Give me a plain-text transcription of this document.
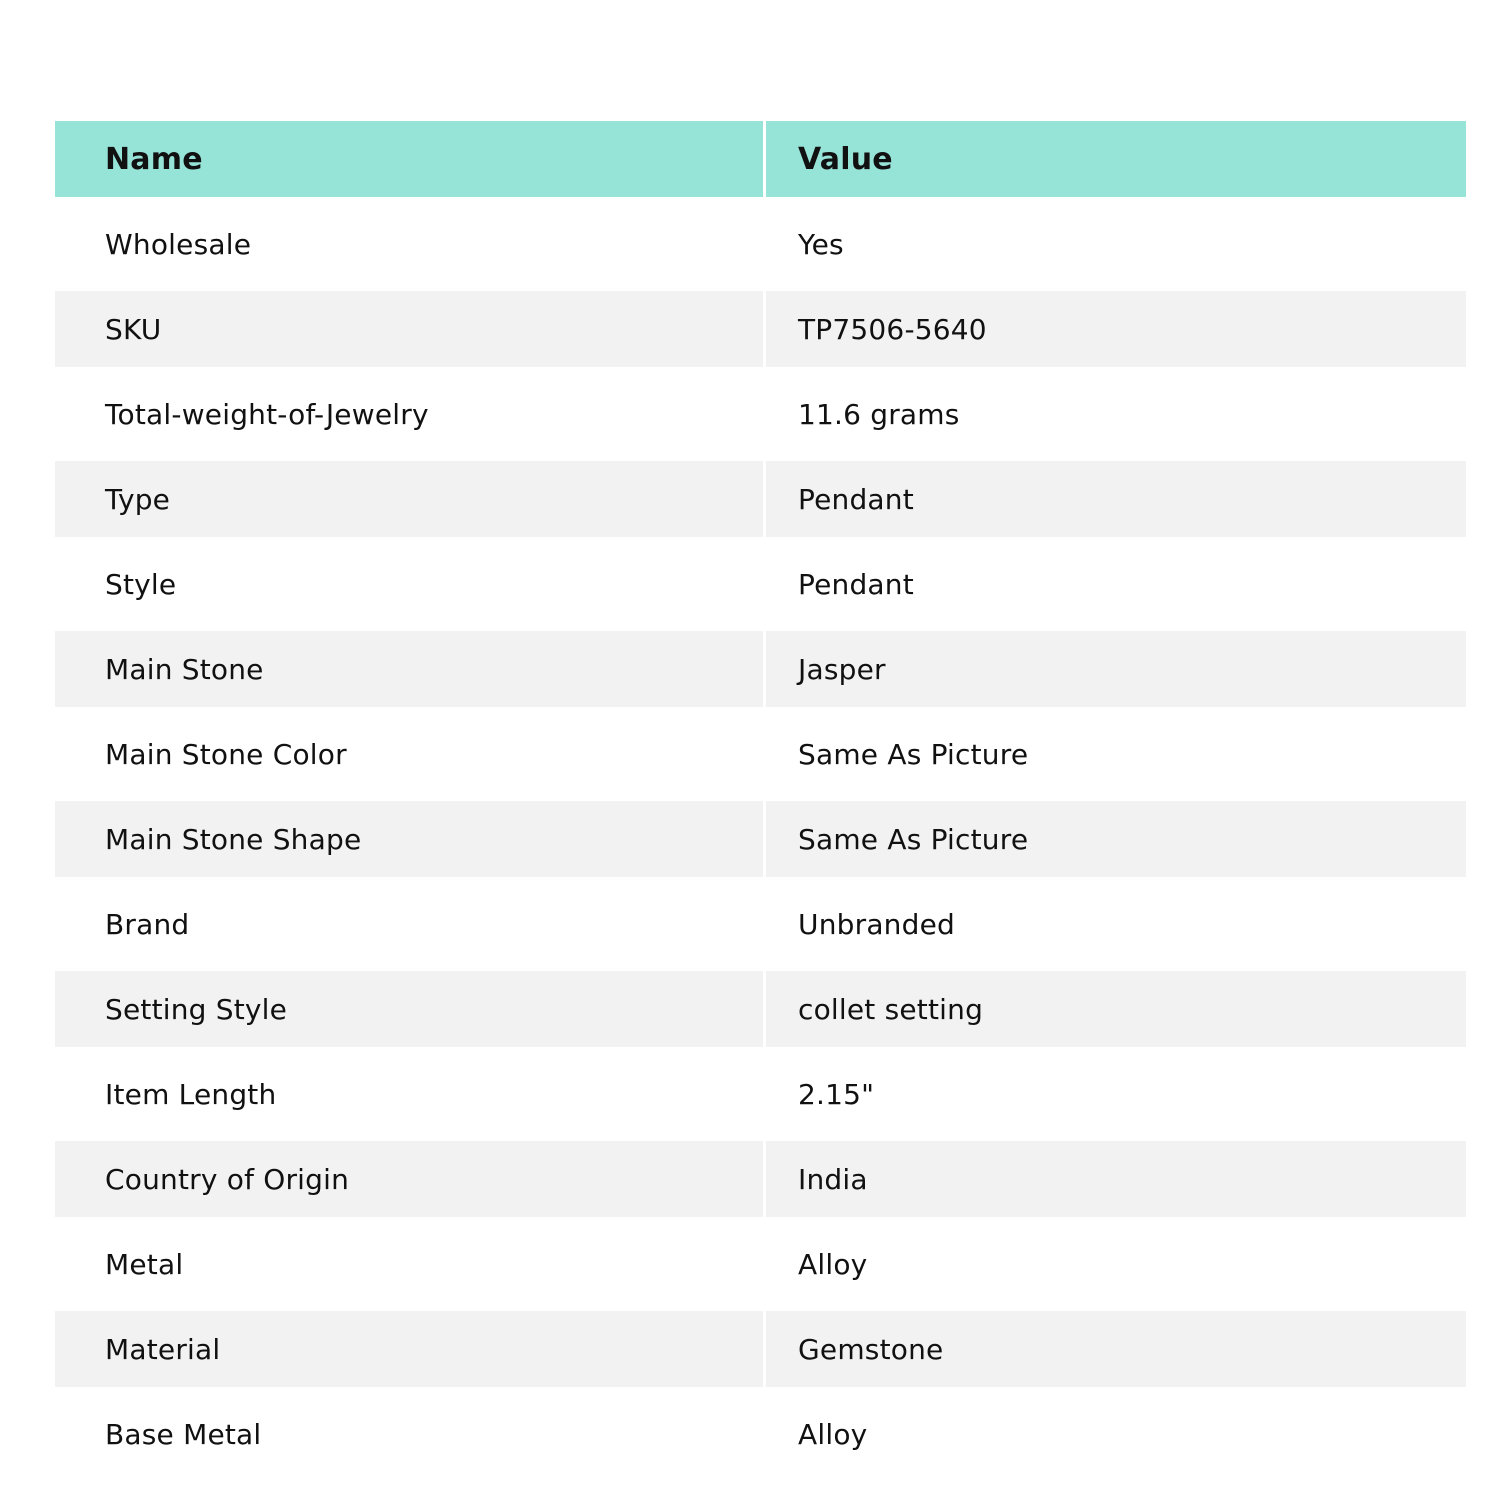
Name	Value
Wholesale	Yes
SKU	TP7506-5640
Total-weight-of-Jewelry	11.6 grams
Type	Pendant
Style	Pendant
Main Stone	Jasper
Main Stone Color	Same As Picture
Main Stone Shape	Same As Picture
Brand	Unbranded
Setting Style	collet setting
Item Length	2.15"
Country of Origin	India
Metal	Alloy
Material	Gemstone
Base Metal	Alloy
